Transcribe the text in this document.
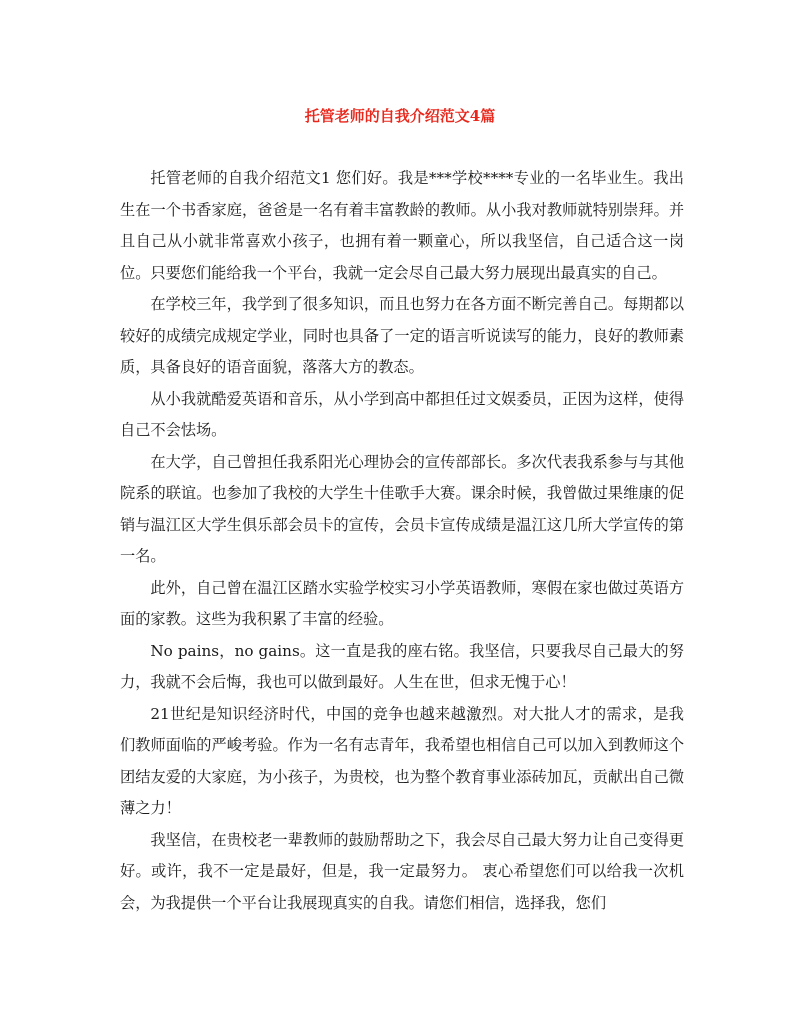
托管老师的自我介绍范文4篇

托管老师的自我介绍范文1 您们好。我是***学校****专业的一名毕业生。我出生在一个书香家庭，爸爸是一名有着丰富教龄的教师。从小我对教师就特别崇拜。并且自己从小就非常喜欢小孩子，也拥有着一颗童心，所以我坚信，自己适合这一岗位。只要您们能给我一个平台，我就一定会尽自己最大努力展现出最真实的自己。

在学校三年，我学到了很多知识，而且也努力在各方面不断完善自己。每期都以较好的成绩完成规定学业，同时也具备了一定的语言听说读写的能力，良好的教师素质，具备良好的语音面貌，落落大方的教态。

从小我就酷爱英语和音乐，从小学到高中都担任过文娱委员，正因为这样，使得自己不会怯场。

在大学，自己曾担任我系阳光心理协会的宣传部部长。多次代表我系参与与其他院系的联谊。也参加了我校的大学生十佳歌手大赛。课余时候，我曾做过果维康的促销与温江区大学生俱乐部会员卡的宣传，会员卡宣传成绩是温江这几所大学宣传的第一名。

此外，自己曾在温江区踏水实验学校实习小学英语教师，寒假在家也做过英语方面的家教。这些为我积累了丰富的经验。

No pains，no gains。这一直是我的座右铭。我坚信，只要我尽自己最大的努力，我就不会后悔，我也可以做到最好。人生在世，但求无愧于心！

21世纪是知识经济时代，中国的竞争也越来越激烈。对大批人才的需求，是我们教师面临的严峻考验。作为一名有志青年，我希望也相信自己可以加入到教师这个团结友爱的大家庭，为小孩子，为贵校，也为整个教育事业添砖加瓦，贡献出自己微薄之力！

我坚信，在贵校老一辈教师的鼓励帮助之下，我会尽自己最大努力让自己变得更好。或许，我不一定是最好，但是，我一定最努力。 衷心希望您们可以给我一次机会，为我提供一个平台让我展现真实的自我。请您们相信，选择我，您们
